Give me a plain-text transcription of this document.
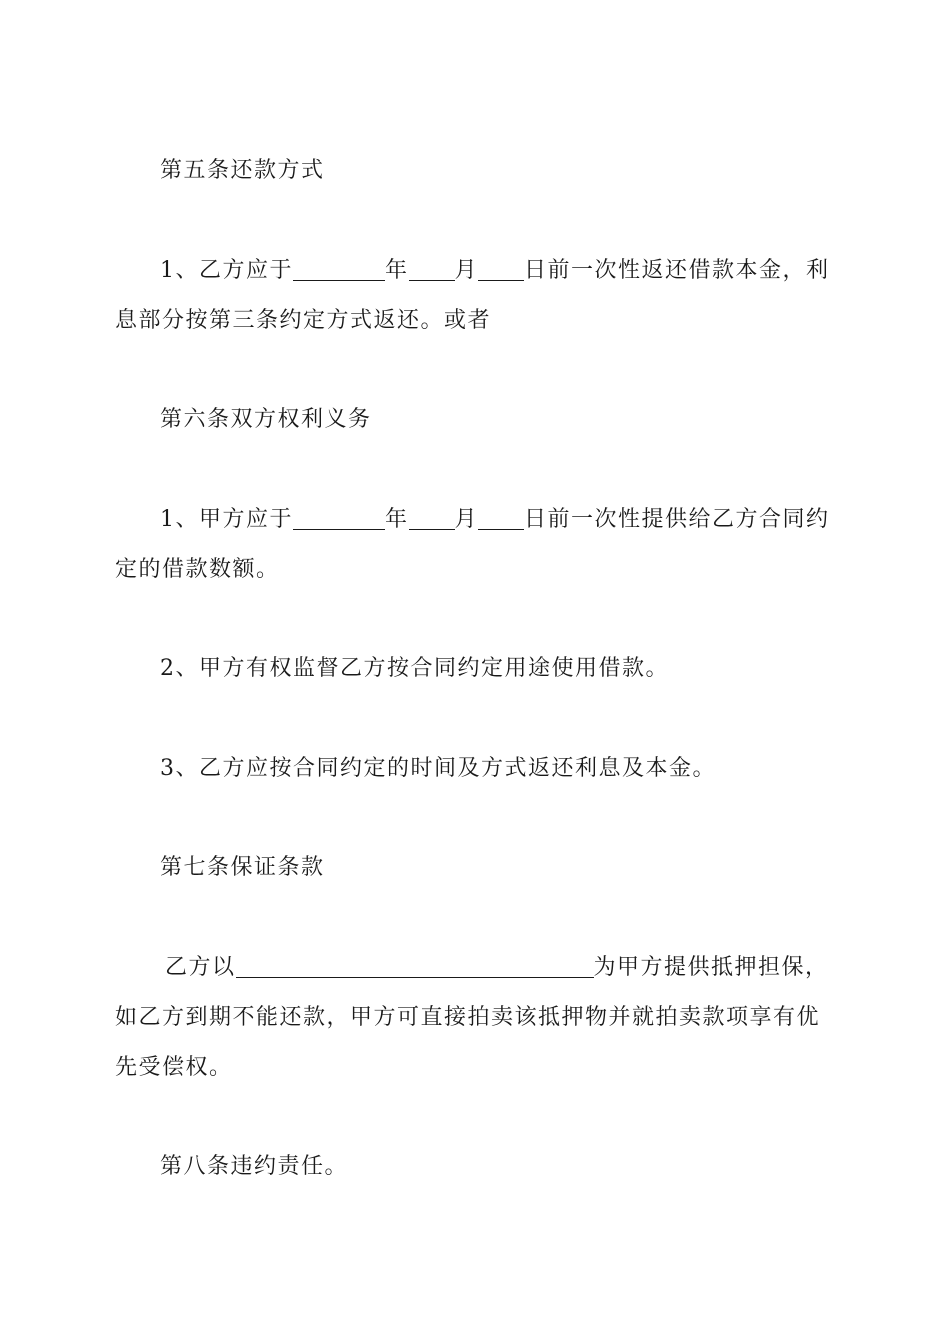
第五条还款方式

1、乙方应于	年 月 日前一次性返还借款本金，利息部分按第三条约定方式返还。或者

第六条双方权利义务

1、甲方应于	年 月 日前一次性提供给乙方合同约定的借款数额。

2、甲方有权监督乙方按合同约定用途使用借款。

3、乙方应按合同约定的时间及方式返还利息及本金。

第七条保证条款

乙方以	为甲方提供抵押担保，如乙方到期不能还款，甲方可直接拍卖该抵押物并就拍卖款项享有优先受偿权。

第八条违约责任。
